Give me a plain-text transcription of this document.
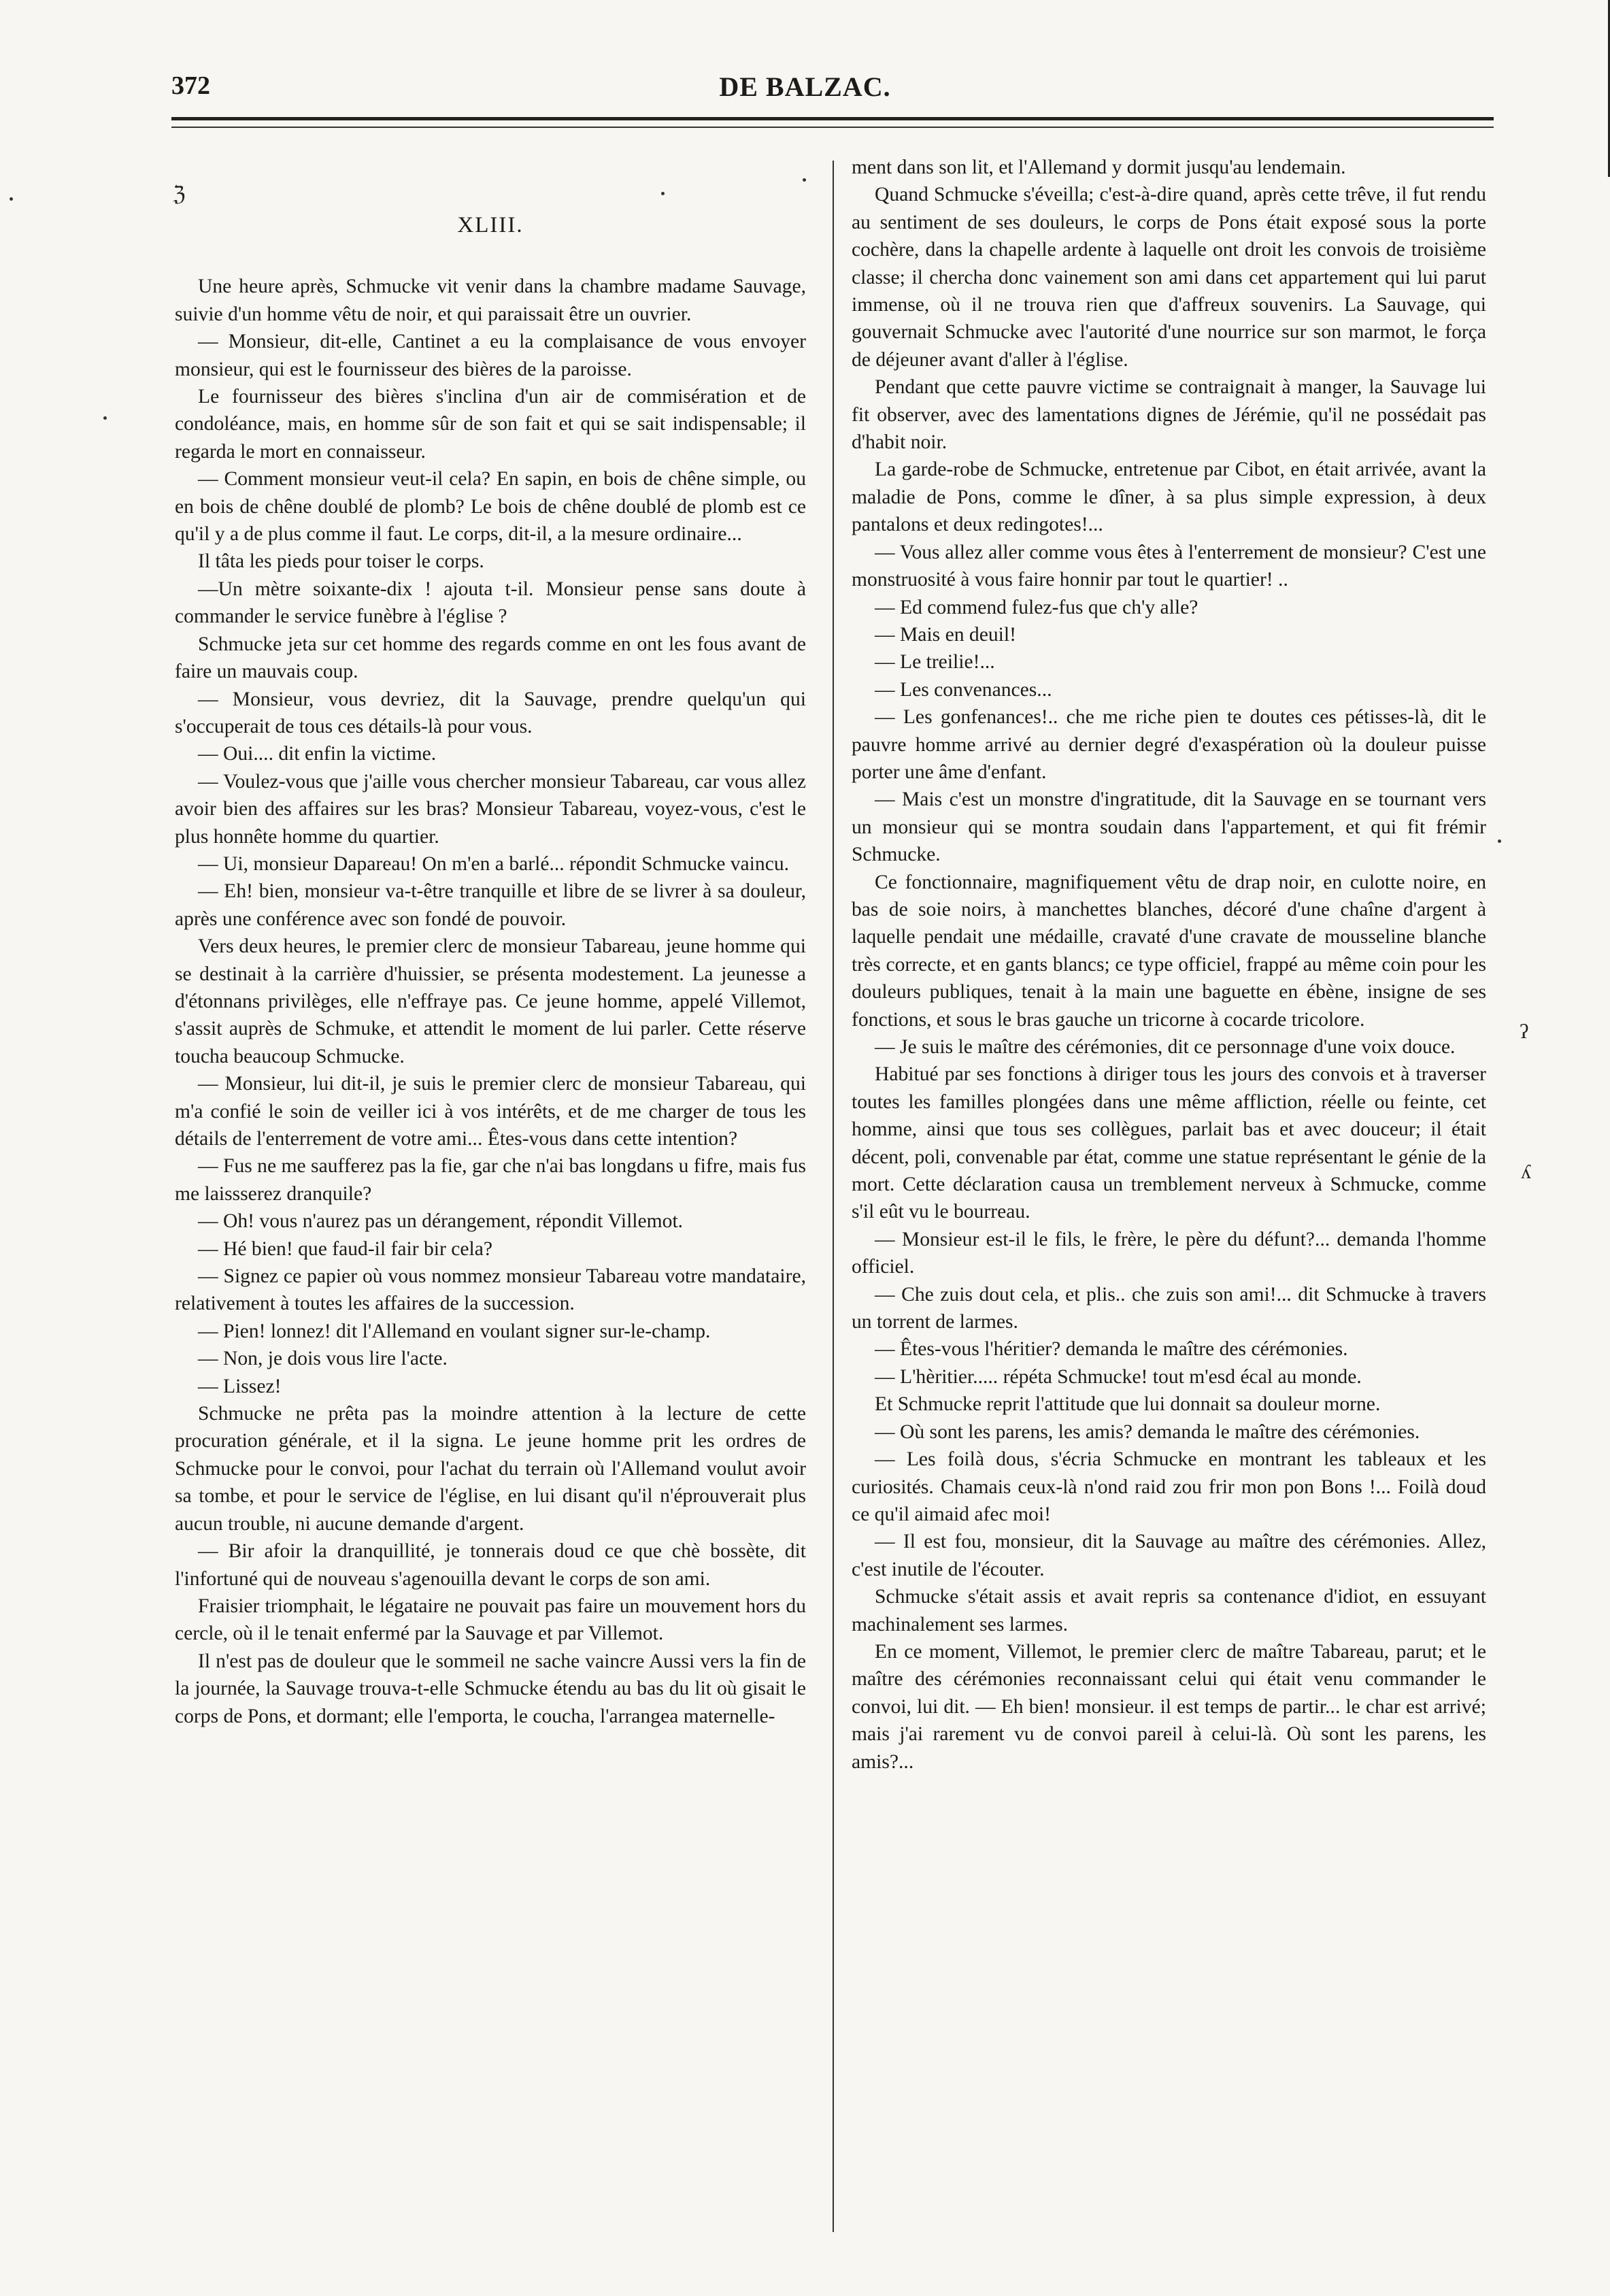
372	DE BALZAC.
ℨ
ʔ
ʎ
XLIII.

Une heure après, Schmucke vit venir dans la chambre madame Sauvage, suivie d'un homme vêtu de noir, et qui paraissait être un ouvrier.

— Monsieur, dit-elle, Cantinet a eu la complaisance de vous envoyer monsieur, qui est le fournisseur des bières de la paroisse.

Le fournisseur des bières s'inclina d'un air de commisération et de condoléance, mais, en homme sûr de son fait et qui se sait indispensable; il regarda le mort en connaisseur.

— Comment monsieur veut-il cela? En sapin, en bois de chêne simple, ou en bois de chêne doublé de plomb? Le bois de chêne doublé de plomb est ce qu'il y a de plus comme il faut. Le corps, dit-il, a la mesure ordinaire...

Il tâta les pieds pour toiser le corps.

—Un mètre soixante-dix ! ajouta t-il. Monsieur pense sans doute à commander le service funèbre à l'église ?

Schmucke jeta sur cet homme des regards comme en ont les fous avant de faire un mauvais coup.

— Monsieur, vous devriez, dit la Sauvage, prendre quelqu'un qui s'occuperait de tous ces détails-là pour vous.

— Oui.... dit enfin la victime.

— Voulez-vous que j'aille vous chercher monsieur Tabareau, car vous allez avoir bien des affaires sur les bras? Monsieur Tabareau, voyez-vous, c'est le plus honnête homme du quartier.

— Ui, monsieur Dapareau! On m'en a barlé... répondit Schmucke vaincu.

— Eh! bien, monsieur va-t-être tranquille et libre de se livrer à sa douleur, après une conférence avec son fondé de pouvoir.

Vers deux heures, le premier clerc de monsieur Tabareau, jeune homme qui se destinait à la carrière d'huissier, se présenta modestement. La jeunesse a d'étonnans privilèges, elle n'effraye pas. Ce jeune homme, appelé Villemot, s'assit auprès de Schmuke, et attendit le moment de lui parler. Cette réserve toucha beaucoup Schmucke.

— Monsieur, lui dit-il, je suis le premier clerc de monsieur Tabareau, qui m'a confié le soin de veiller ici à vos intérêts, et de me charger de tous les détails de l'enterrement de votre ami... Êtes-vous dans cette intention?

— Fus ne me saufferez pas la fie, gar che n'ai bas longdans u fifre, mais fus me laissserez dranquile?

— Oh! vous n'aurez pas un dérangement, répondit Villemot.

— Hé bien! que faud-il fair bir cela?

— Signez ce papier où vous nommez monsieur Tabareau votre mandataire, relativement à toutes les affaires de la succession.

— Pien! lonnez! dit l'Allemand en voulant signer sur-le-champ.

— Non, je dois vous lire l'acte.

— Lissez!

Schmucke ne prêta pas la moindre attention à la lecture de cette procuration générale, et il la signa. Le jeune homme prit les ordres de Schmucke pour le convoi, pour l'achat du terrain où l'Allemand voulut avoir sa tombe, et pour le service de l'église, en lui disant qu'il n'éprouverait plus aucun trouble, ni aucune demande d'argent.

— Bir afoir la dranquillité, je tonnerais doud ce que chè bossète, dit l'infortuné qui de nouveau s'agenouilla devant le corps de son ami.

Fraisier triomphait, le légataire ne pouvait pas faire un mouvement hors du cercle, où il le tenait enfermé par la Sauvage et par Villemot.

Il n'est pas de douleur que le sommeil ne sache vaincre Aussi vers la fin de la journée, la Sauvage trouva-t-elle Schmucke étendu au bas du lit où gisait le corps de Pons, et dormant; elle l'emporta, le coucha, l'arrangea maternelle-

ment dans son lit, et l'Allemand y dormit jusqu'au lendemain.

Quand Schmucke s'éveilla; c'est-à-dire quand, après cette trêve, il fut rendu au sentiment de ses douleurs, le corps de Pons était exposé sous la porte cochère, dans la chapelle ardente à laquelle ont droit les convois de troisième classe; il chercha donc vainement son ami dans cet appartement qui lui parut immense, où il ne trouva rien que d'affreux souvenirs. La Sauvage, qui gouvernait Schmucke avec l'autorité d'une nourrice sur son marmot, le força de déjeuner avant d'aller à l'église.

Pendant que cette pauvre victime se contraignait à manger, la Sauvage lui fit observer, avec des lamentations dignes de Jérémie, qu'il ne possédait pas d'habit noir.

La garde-robe de Schmucke, entretenue par Cibot, en était arrivée, avant la maladie de Pons, comme le dîner, à sa plus simple expression, à deux pantalons et deux redingotes!...

— Vous allez aller comme vous êtes à l'enterrement de monsieur? C'est une monstruosité à vous faire honnir par tout le quartier! ..

— Ed commend fulez-fus que ch'y alle?

— Mais en deuil!

— Le treilie!...

— Les convenances...

— Les gonfenances!.. che me riche pien te doutes ces pétisses-là, dit le pauvre homme arrivé au dernier degré d'exaspération où la douleur puisse porter une âme d'enfant.

— Mais c'est un monstre d'ingratitude, dit la Sauvage en se tournant vers un monsieur qui se montra soudain dans l'appartement, et qui fit frémir Schmucke.

Ce fonctionnaire, magnifiquement vêtu de drap noir, en culotte noire, en bas de soie noirs, à manchettes blanches, décoré d'une chaîne d'argent à laquelle pendait une médaille, cravaté d'une cravate de mousseline blanche très correcte, et en gants blancs; ce type officiel, frappé au même coin pour les douleurs publiques, tenait à la main une baguette en ébène, insigne de ses fonctions, et sous le bras gauche un tricorne à cocarde tricolore.

— Je suis le maître des cérémonies, dit ce personnage d'une voix douce.

Habitué par ses fonctions à diriger tous les jours des convois et à traverser toutes les familles plongées dans une même affliction, réelle ou feinte, cet homme, ainsi que tous ses collègues, parlait bas et avec douceur; il était décent, poli, convenable par état, comme une statue représentant le génie de la mort. Cette déclaration causa un tremblement nerveux à Schmucke, comme s'il eût vu le bourreau.

— Monsieur est-il le fils, le frère, le père du défunt?... demanda l'homme officiel.

— Che zuis dout cela, et plis.. che zuis son ami!... dit Schmucke à travers un torrent de larmes.

— Êtes-vous l'héritier? demanda le maître des cérémonies.

— L'hèritier..... répéta Schmucke! tout m'esd écal au monde.

Et Schmucke reprit l'attitude que lui donnait sa douleur morne.

— Où sont les parens, les amis? demanda le maître des cérémonies.

— Les foilà dous, s'écria Schmucke en montrant les tableaux et les curiosités. Chamais ceux-là n'ond raid zou frir mon pon Bons !... Foilà doud ce qu'il aimaid afec moi!

— Il est fou, monsieur, dit la Sauvage au maître des cérémonies. Allez, c'est inutile de l'écouter.

Schmucke s'était assis et avait repris sa contenance d'idiot, en essuyant machinalement ses larmes.

En ce moment, Villemot, le premier clerc de maître Tabareau, parut; et le maître des cérémonies reconnaissant celui qui était venu commander le convoi, lui dit. — Eh bien! monsieur. il est temps de partir... le char est arrivé; mais j'ai rarement vu de convoi pareil à celui-là. Où sont les parens, les amis?...
